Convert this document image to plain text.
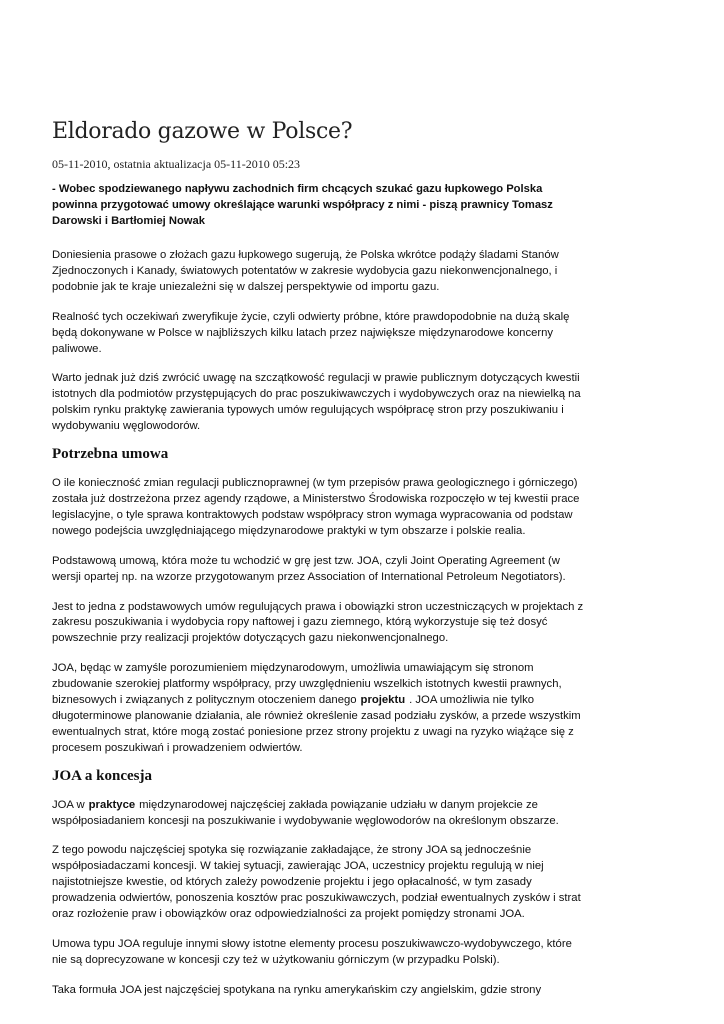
Eldorado gazowe w Polsce?

05-11-2010, ostatnia aktualizacja 05-11-2010 05:23

- Wobec spodziewanego napływu zachodnich firm chcących szukać gazu łupkowego Polska powinna przygotować umowy określające warunki współpracy z nimi - piszą prawnicy Tomasz Darowski i Bartłomiej Nowak

Doniesienia prasowe o złożach gazu łupkowego sugerują, że Polska wkrótce podąży śladami Stanów Zjednoczonych i Kanady, światowych potentatów w zakresie wydobycia gazu niekonwencjonalnego, i podobnie jak te kraje uniezależni się w dalszej perspektywie od importu gazu.

Realność tych oczekiwań zweryfikuje życie, czyli odwierty próbne, które prawdopodobnie na dużą skalę będą dokonywane w Polsce w najbliższych kilku latach przez największe międzynarodowe koncerny paliwowe.

Warto jednak już dziś zwrócić uwagę na szczątkowość regulacji w prawie publicznym dotyczących kwestii istotnych dla podmiotów przystępujących do prac poszukiwawczych i wydobywczych oraz na niewielką na polskim rynku praktykę zawierania typowych umów regulujących współpracę stron przy poszukiwaniu i wydobywaniu węglowodorów.

Potrzebna umowa

O ile konieczność zmian regulacji publicznoprawnej (w tym przepisów prawa geologicznego i górniczego) została już dostrzeżona przez agendy rządowe, a Ministerstwo Środowiska rozpoczęło w tej kwestii prace legislacyjne, o tyle sprawa kontraktowych podstaw współpracy stron wymaga wypracowania od podstaw nowego podejścia uwzględniającego międzynarodowe praktyki w tym obszarze i polskie realia.

Podstawową umową, która może tu wchodzić w grę jest tzw. JOA, czyli Joint Operating Agreement (w wersji opartej np. na wzorze przygotowanym przez Association of International Petroleum Negotiators).

Jest to jedna z podstawowych umów regulujących prawa i obowiązki stron uczestniczących w projektach z zakresu poszukiwania i wydobycia ropy naftowej i gazu ziemnego, którą wykorzystuje się też dosyć powszechnie przy realizacji projektów dotyczących gazu niekonwencjonalnego.

JOA, będąc w zamyśle porozumieniem międzynarodowym, umożliwia umawiającym się stronom zbudowanie szerokiej platformy współpracy, przy uwzględnieniu wszelkich istotnych kwestii prawnych, biznesowych i związanych z politycznym otoczeniem danego projektu . JOA umożliwia nie tylko długoterminowe planowanie działania, ale również określenie zasad podziału zysków, a przede wszystkim ewentualnych strat, które mogą zostać poniesione przez strony projektu z uwagi na ryzyko wiążące się z procesem poszukiwań i prowadzeniem odwiertów.

JOA a koncesja

JOA w praktyce międzynarodowej najczęściej zakłada powiązanie udziału w danym projekcie ze współposiadaniem koncesji na poszukiwanie i wydobywanie węglowodorów na określonym obszarze.

Z tego powodu najczęściej spotyka się rozwiązanie zakładające, że strony JOA są jednocześnie współposiadaczami koncesji. W takiej sytuacji, zawierając JOA, uczestnicy projektu regulują w niej najistotniejsze kwestie, od których zależy powodzenie projektu i jego opłacalność, w tym zasady prowadzenia odwiertów, ponoszenia kosztów prac poszukiwawczych, podział ewentualnych zysków i strat oraz rozłożenie praw i obowiązków oraz odpowiedzialności za projekt pomiędzy stronami JOA.

Umowa typu JOA reguluje innymi słowy istotne elementy procesu poszukiwawczo-wydobywczego, które nie są doprecyzowane w koncesji czy też w użytkowaniu górniczym (w przypadku Polski).

Taka formuła JOA jest najczęściej spotykana na rynku amerykańskim czy angielskim, gdzie strony
